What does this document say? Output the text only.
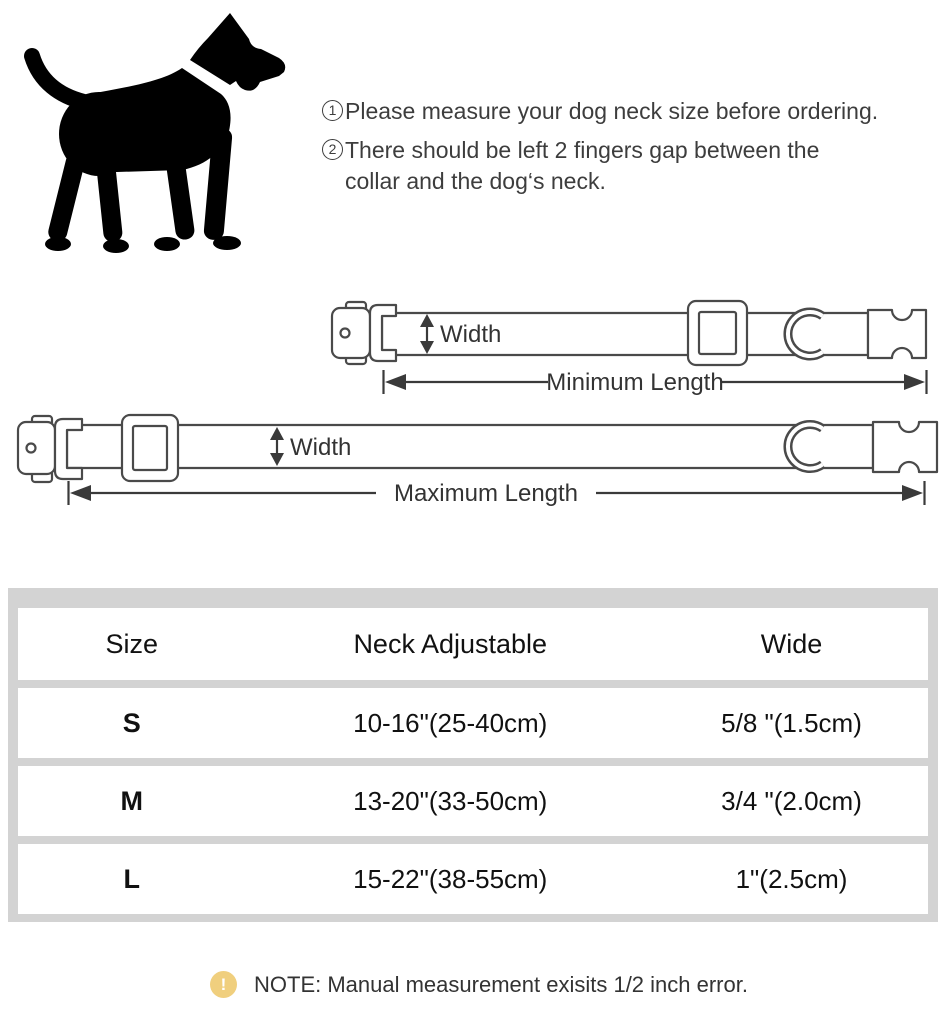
1 Please measure your dog neck size before ordering.
2 There should be left 2 fingers gap between the collar and the dog‘s neck.
Width
Minimum Length
Width
Maximum Length
Size	Neck Adjustable	Wide
S	10-16"(25-40cm)	5/8 "(1.5cm)
M	13-20"(33-50cm)	3/4 "(2.0cm)
L	15-22"(38-55cm)	1"(2.5cm)
!	NOTE: Manual measurement exisits 1/2 inch error.
